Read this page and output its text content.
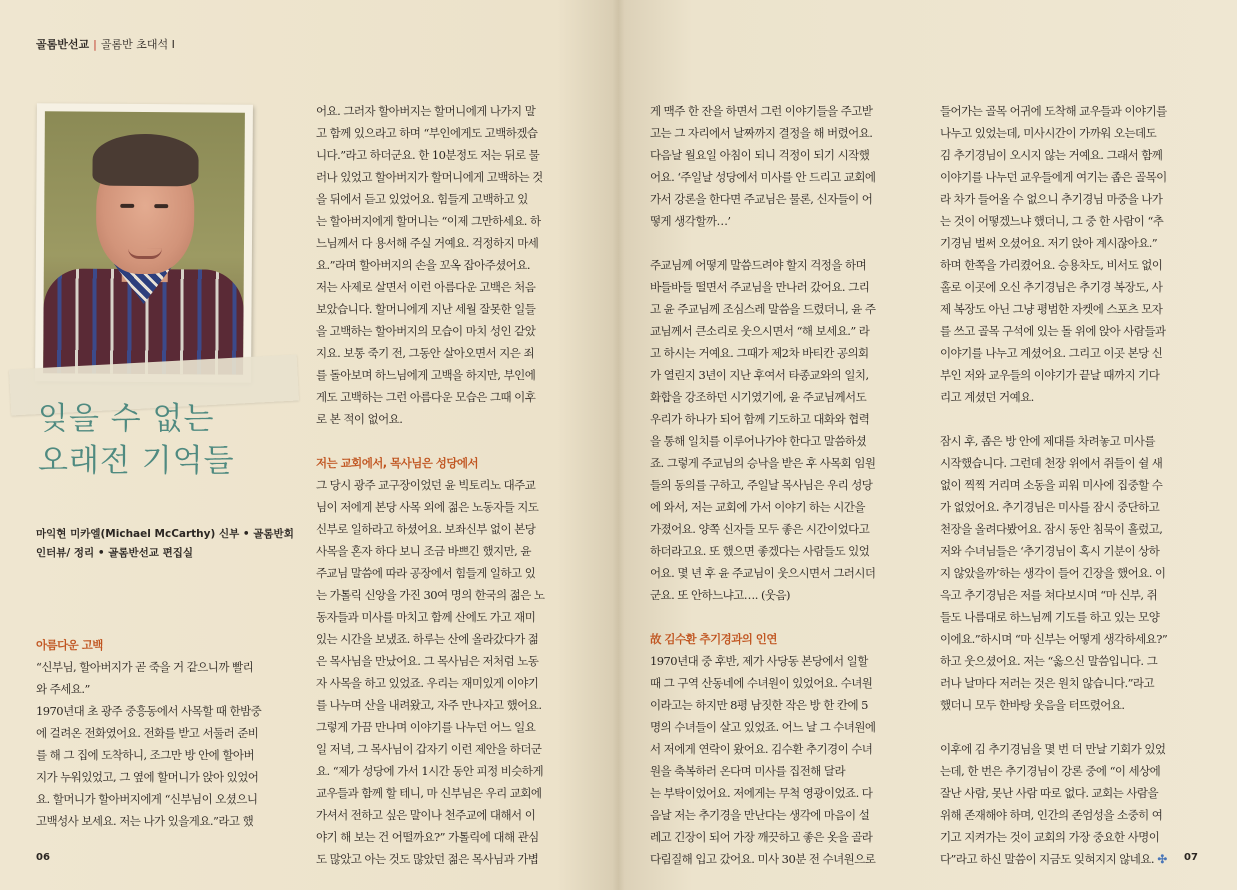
골롬반선교 | 골롬반 초대석 I
잊을 수 없는
오래전 기억들
마익현 미카엘(Michael McCarthy) 신부 • 골롬반회
인터뷰/ 정리 • 골롬반선교 편집실
아름다운 고백
“신부님, 할아버지가 곧 죽을 거 같으니까 빨리
와 주세요.”
1970년대 초 광주 중흥동에서 사목할 때 한밤중
에 걸려온 전화였어요. 전화를 받고 서둘러 준비
를 해 그 집에 도착하니, 조그만 방 안에 할아버
지가 누워있었고, 그 옆에 할머니가 앉아 있었어
요. 할머니가 할아버지에게 “신부님이 오셨으니
고백성사 보세요. 저는 나가 있을게요.”라고 했
어요. 그러자 할아버지는 할머니에게 나가지 말
고 함께 있으라고 하며 “부인에게도 고백하겠습
니다.”라고 하더군요. 한 10분정도 저는 뒤로 물
러나 있었고 할아버지가 할머니에게 고백하는 것
을 뒤에서 듣고 있었어요. 힘들게 고백하고 있
는 할아버지에게 할머니는 “이제 그만하세요. 하
느님께서 다 용서해 주실 거예요. 걱정하지 마세
요.”라며 할아버지의 손을 꼬옥 잡아주셨어요.
저는 사제로 살면서 이런 아름다운 고백은 처음
보았습니다. 할머니에게 지난 세월 잘못한 일들
을 고백하는 할아버지의 모습이 마치 성인 같았
지요. 보통 죽기 전, 그동안 살아오면서 지은 죄
를 돌아보며 하느님에게 고백을 하지만, 부인에
게도 고백하는 그런 아름다운 모습은 그때 이후
로 본 적이 없어요.
저는 교회에서, 목사님은 성당에서
그 당시 광주 교구장이었던 윤 빅토리노 대주교
님이 저에게 본당 사목 외에 젊은 노동자들 지도
신부로 일하라고 하셨어요. 보좌신부 없이 본당
사목을 혼자 하다 보니 조금 바쁘긴 했지만, 윤
주교님 말씀에 따라 공장에서 힘들게 일하고 있
는 가톨릭 신앙을 가진 30여 명의 한국의 젊은 노
동자들과 미사를 마치고 함께 산에도 가고 재미
있는 시간을 보냈죠. 하루는 산에 올라갔다가 젊
은 목사님을 만났어요. 그 목사님은 저처럼 노동
자 사목을 하고 있었죠. 우리는 재미있게 이야기
를 나누며 산을 내려왔고, 자주 만나자고 했어요.
그렇게 가끔 만나며 이야기를 나누던 어느 일요
일 저녁, 그 목사님이 갑자기 이런 제안을 하더군
요. “제가 성당에 가서 1시간 동안 피정 비슷하게
교우들과 함께 할 테니, 마 신부님은 우리 교회에
가셔서 전하고 싶은 말이나 천주교에 대해서 이
야기 해 보는 건 어떨까요?” 가톨릭에 대해 관심
도 많았고 아는 것도 많았던 젊은 목사님과 가볍
게 맥주 한 잔을 하면서 그런 이야기들을 주고받
고는 그 자리에서 날짜까지 결정을 해 버렸어요.
다음날 월요일 아침이 되니 걱정이 되기 시작했
어요. ‘주일날 성당에서 미사를 안 드리고 교회에
가서 강론을 한다면 주교님은 물론, 신자들이 어
떻게 생각할까…’
주교님께 어떻게 말씀드려야 할지 걱정을 하며
바들바들 떨면서 주교님을 만나러 갔어요. 그리
고 윤 주교님께 조심스레 말씀을 드렸더니, 윤 주
교님께서 큰소리로 웃으시면서 “해 보세요.” 라
고 하시는 거예요. 그때가 제2차 바티칸 공의회
가 열린지 3년이 지난 후여서 타종교와의 일치,
화합을 강조하던 시기였기에, 윤 주교님께서도
우리가 하나가 되어 함께 기도하고 대화와 협력
을 통해 일치를 이루어나가야 한다고 말씀하셨
죠. 그렇게 주교님의 승낙을 받은 후 사목회 임원
들의 동의를 구하고, 주일날 목사님은 우리 성당
에 와서, 저는 교회에 가서 이야기 하는 시간을
가졌어요. 양쪽 신자들 모두 좋은 시간이었다고
하더라고요. 또 했으면 좋겠다는 사람들도 있었
어요. 몇 년 후 윤 주교님이 웃으시면서 그러시더
군요. 또 안하느냐고…. (웃음)
故 김수환 추기경과의 인연
1970년대 중 후반, 제가 사당동 본당에서 일할
때 그 구역 산동네에 수녀원이 있었어요. 수녀원
이라고는 하지만 8평 남짓한 작은 방 한 칸에 5
명의 수녀들이 살고 있었죠. 어느 날 그 수녀원에
서 저에게 연락이 왔어요. 김수환 추기경이 수녀
원을 축복하러 온다며 미사를 집전해 달라
는 부탁이었어요. 저에게는 무척 영광이었죠. 다
음날 저는 추기경을 만난다는 생각에 마음이 설
레고 긴장이 되어 가장 깨끗하고 좋은 옷을 골라
다림질해 입고 갔어요. 미사 30분 전 수녀원으로
들어가는 골목 어귀에 도착해 교우들과 이야기를
나누고 있었는데, 미사시간이 가까워 오는데도
김 추기경님이 오시지 않는 거예요. 그래서 함께
이야기를 나누던 교우들에게 여기는 좁은 골목이
라 차가 들어올 수 없으니 추기경님 마중을 나가
는 것이 어떻겠느냐 했더니, 그 중 한 사람이 “추
기경님 벌써 오셨어요. 저기 앉아 계시잖아요.”
하며 한쪽을 가리켰어요. 승용차도, 비서도 없이
홀로 이곳에 오신 추기경님은 추기경 복장도, 사
제 복장도 아닌 그냥 평범한 자켓에 스포츠 모자
를 쓰고 골목 구석에 있는 돌 위에 앉아 사람들과
이야기를 나누고 계셨어요. 그리고 이곳 본당 신
부인 저와 교우들의 이야기가 끝날 때까지 기다
리고 계셨던 거예요.
잠시 후, 좁은 방 안에 제대를 차려놓고 미사를
시작했습니다. 그런데 천장 위에서 쥐들이 쉴 새
없이 찍찍 거리며 소동을 피워 미사에 집중할 수
가 없었어요. 추기경님은 미사를 잠시 중단하고
천장을 올려다봤어요. 잠시 동안 침묵이 흘렀고,
저와 수녀님들은 ‘추기경님이 혹시 기분이 상하
지 않았을까’하는 생각이 들어 긴장을 했어요. 이
윽고 추기경님은 저를 쳐다보시며 “마 신부, 쥐
들도 나름대로 하느님께 기도를 하고 있는 모양
이에요.”하시며 “마 신부는 어떻게 생각하세요?”
하고 웃으셨어요. 저는 “옳으신 말씀입니다. 그
러나 날마다 저러는 것은 원치 않습니다.”라고
했더니 모두 한바탕 웃음을 터뜨렸어요.
이후에 김 추기경님을 몇 번 더 만날 기회가 있었
는데, 한 번은 추기경님이 강론 중에 “이 세상에
잘난 사람, 못난 사람 따로 없다. 교회는 사람을
위해 존재해야 하며, 인간의 존엄성을 소중히 여
기고 지켜가는 것이 교회의 가장 중요한 사명이
다”라고 하신 말씀이 지금도 잊혀지지 않네요. ✣
06	07
